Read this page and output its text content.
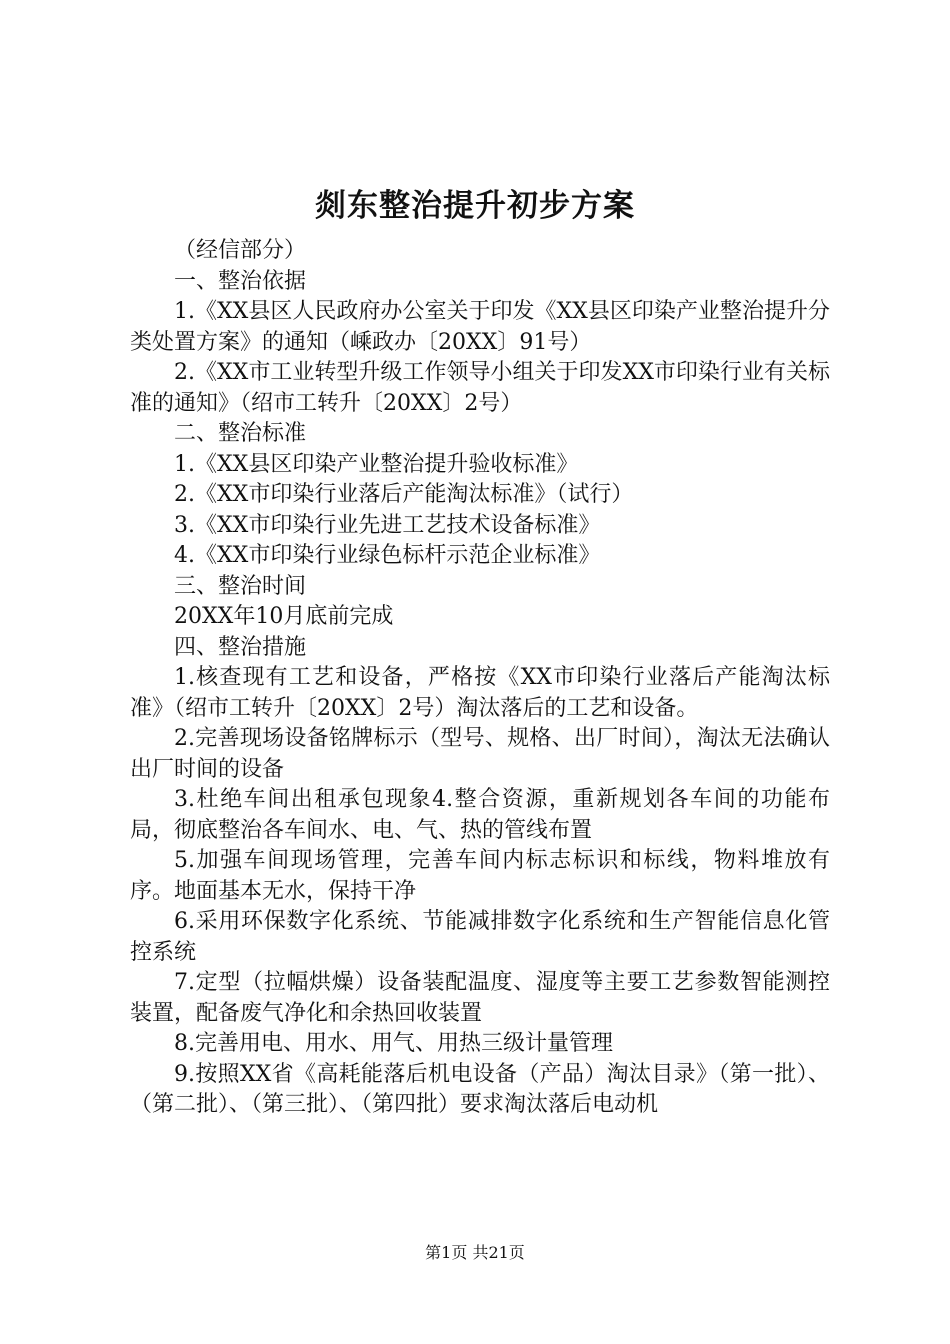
剡东整治提升初步方案

（经信部分）

一、整治依据

1.《XX县区人民政府办公室关于印发《XX县区印染产业整治提升分类处置方案》的通知（嵊政办〔20XX〕91号）

2.《XX市工业转型升级工作领导小组关于印发XX市印染行业有关标准的通知》（绍市工转升〔20XX〕2号）

二、整治标准

1.《XX县区印染产业整治提升验收标准》

2.《XX市印染行业落后产能淘汰标准》（试行）

3.《XX市印染行业先进工艺技术设备标准》

4.《XX市印染行业绿色标杆示范企业标准》

三、整治时间

20XX年10月底前完成

四、整治措施

1.核查现有工艺和设备，严格按《XX市印染行业落后产能淘汰标准》（绍市工转升〔20XX〕2号）淘汰落后的工艺和设备。

2.完善现场设备铭牌标示（型号、规格、出厂时间），淘汰无法确认出厂时间的设备

3.杜绝车间出租承包现象4.整合资源，重新规划各车间的功能布局，彻底整治各车间水、电、气、热的管线布置

5.加强车间现场管理，完善车间内标志标识和标线，物料堆放有序。地面基本无水，保持干净

6.采用环保数字化系统、节能减排数字化系统和生产智能信息化管控系统

7.定型（拉幅烘燥）设备装配温度、湿度等主要工艺参数智能测控装置，配备废气净化和余热回收装置

8.完善用电、用水、用气、用热三级计量管理

9.按照XX省《高耗能落后机电设备（产品）淘汰目录》（第一批）、（第二批）、（第三批）、（第四批）要求淘汰落后电动机

第1页 共21页
